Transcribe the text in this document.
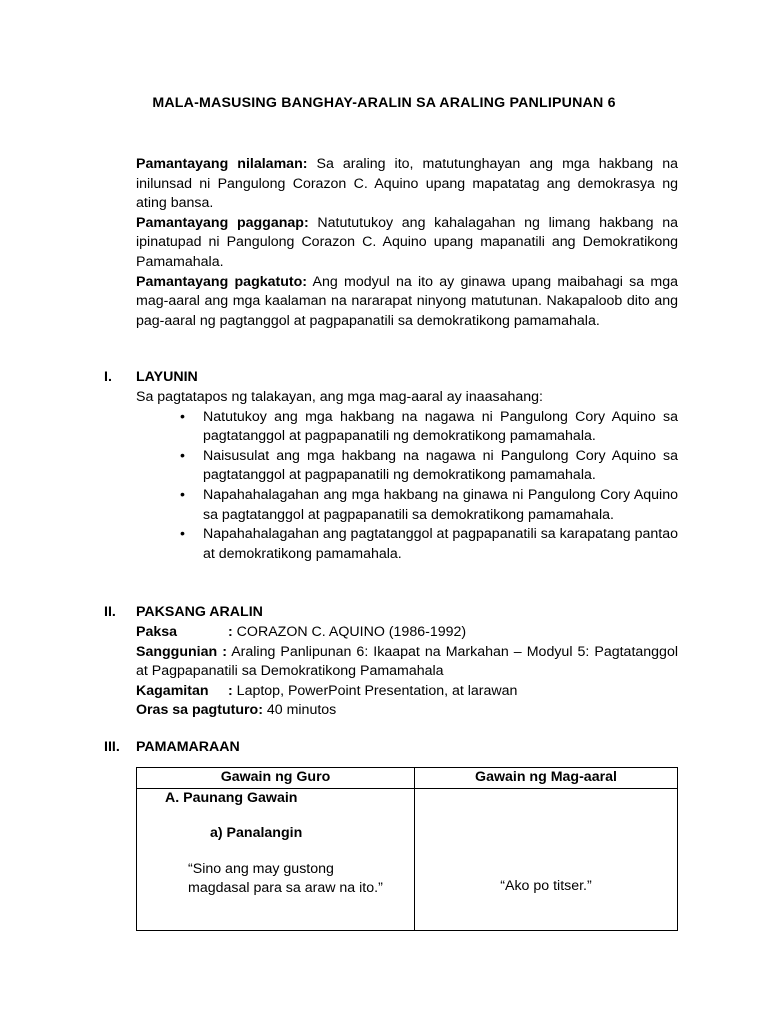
MALA-MASUSING BANGHAY-ARALIN SA ARALING PANLIPUNAN 6

Pamantayang nilalaman: Sa araling ito, matutunghayan ang mga hakbang na inilunsad ni Pangulong Corazon C. Aquino upang mapatatag ang demokrasya ng ating bansa.

Pamantayang pagganap: Natututukoy ang kahalagahan ng limang hakbang na ipinatupad ni Pangulong Corazon C. Aquino upang mapanatili ang Demokratikong Pamamahala.

Pamantayang pagkatuto: Ang modyul na ito ay ginawa upang maibahagi sa mga mag-aaral ang mga kaalaman na nararapat ninyong matutunan. Nakapaloob dito ang pag-aaral ng pagtanggol at pagpapanatili sa demokratikong pamamahala.

I. LAYUNIN

Sa pagtatapos ng talakayan, ang mga mag-aaral ay inaasahang:

• Natutukoy ang mga hakbang na nagawa ni Pangulong Cory Aquino sa pagtatanggol at pagpapanatili ng demokratikong pamamahala.
• Naisusulat ang mga hakbang na nagawa ni Pangulong Cory Aquino sa pagtatanggol at pagpapanatili ng demokratikong pamamahala.
• Napahahalagahan ang mga hakbang na ginawa ni Pangulong Cory Aquino sa pagtatanggol at pagpapanatili sa demokratikong pamamahala.
• Napahahalagahan ang pagtatanggol at pagpapanatili sa karapatang pantao at demokratikong pamamahala.
II. PAKSANG ARALIN
Paksa	: CORAZON C. AQUINO (1986-1992)

Sanggunian : Araling Panlipunan 6: Ikaapat na Markahan – Modyul 5: Pagtatanggol at Pagpapanatili sa Demokratikong Pamamahala

Kagamitan	: Laptop, PowerPoint Presentation, at larawan

Oras sa pagtuturo: 40 minutos

III. PAMAMARAAN
Gawain ng Guro	Gawain ng Mag-aaral

A. Paunang Gawain
a) Panalangin
“Sino ang may gustong
magdasal para sa araw na ito.”	“Ako po titser.”
